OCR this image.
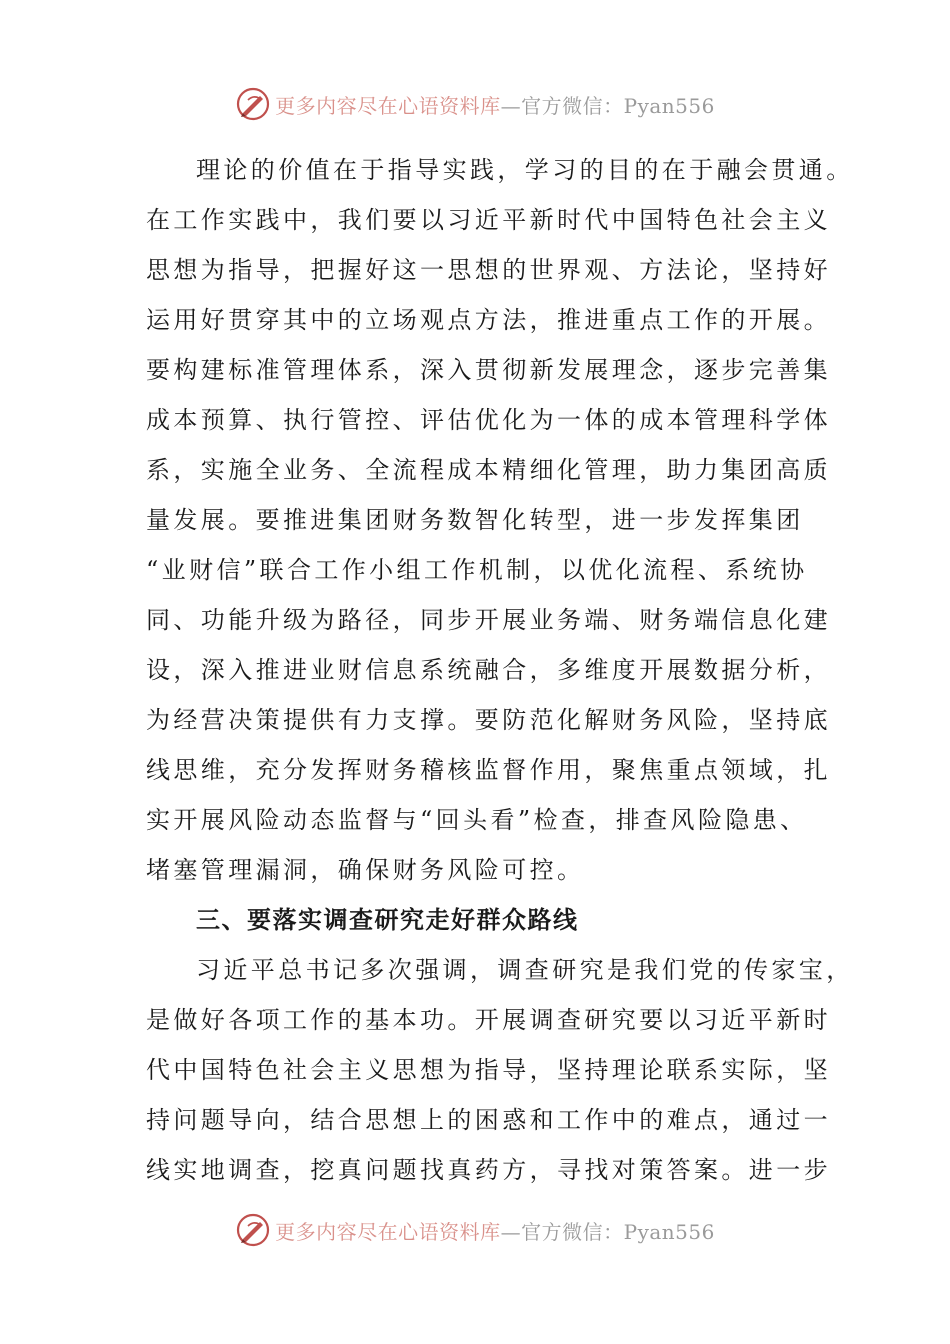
更多内容尽在心语资料库—官方微信：Pyan556
理论的价值在于指导实践，学习的目的在于融会贯通。
在工作实践中，我们要以习近平新时代中国特色社会主义
思想为指导，把握好这一思想的世界观、方法论，坚持好
运用好贯穿其中的立场观点方法，推进重点工作的开展。
要构建标准管理体系，深入贯彻新发展理念，逐步完善集
成本预算、执行管控、评估优化为一体的成本管理科学体
系，实施全业务、全流程成本精细化管理，助力集团高质
量发展。要推进集团财务数智化转型，进一步发挥集团
“业财信”联合工作小组工作机制，以优化流程、系统协
同、功能升级为路径，同步开展业务端、财务端信息化建
设，深入推进业财信息系统融合，多维度开展数据分析，
为经营决策提供有力支撑。要防范化解财务风险，坚持底
线思维，充分发挥财务稽核监督作用，聚焦重点领域，扎
实开展风险动态监督与“回头看”检查，排查风险隐患、
堵塞管理漏洞，确保财务风险可控。
三、要落实调查研究走好群众路线
习近平总书记多次强调，调查研究是我们党的传家宝，
是做好各项工作的基本功。开展调查研究要以习近平新时
代中国特色社会主义思想为指导，坚持理论联系实际，坚
持问题导向，结合思想上的困惑和工作中的难点，通过一
线实地调查，挖真问题找真药方，寻找对策答案。进一步
更多内容尽在心语资料库—官方微信：Pyan556
